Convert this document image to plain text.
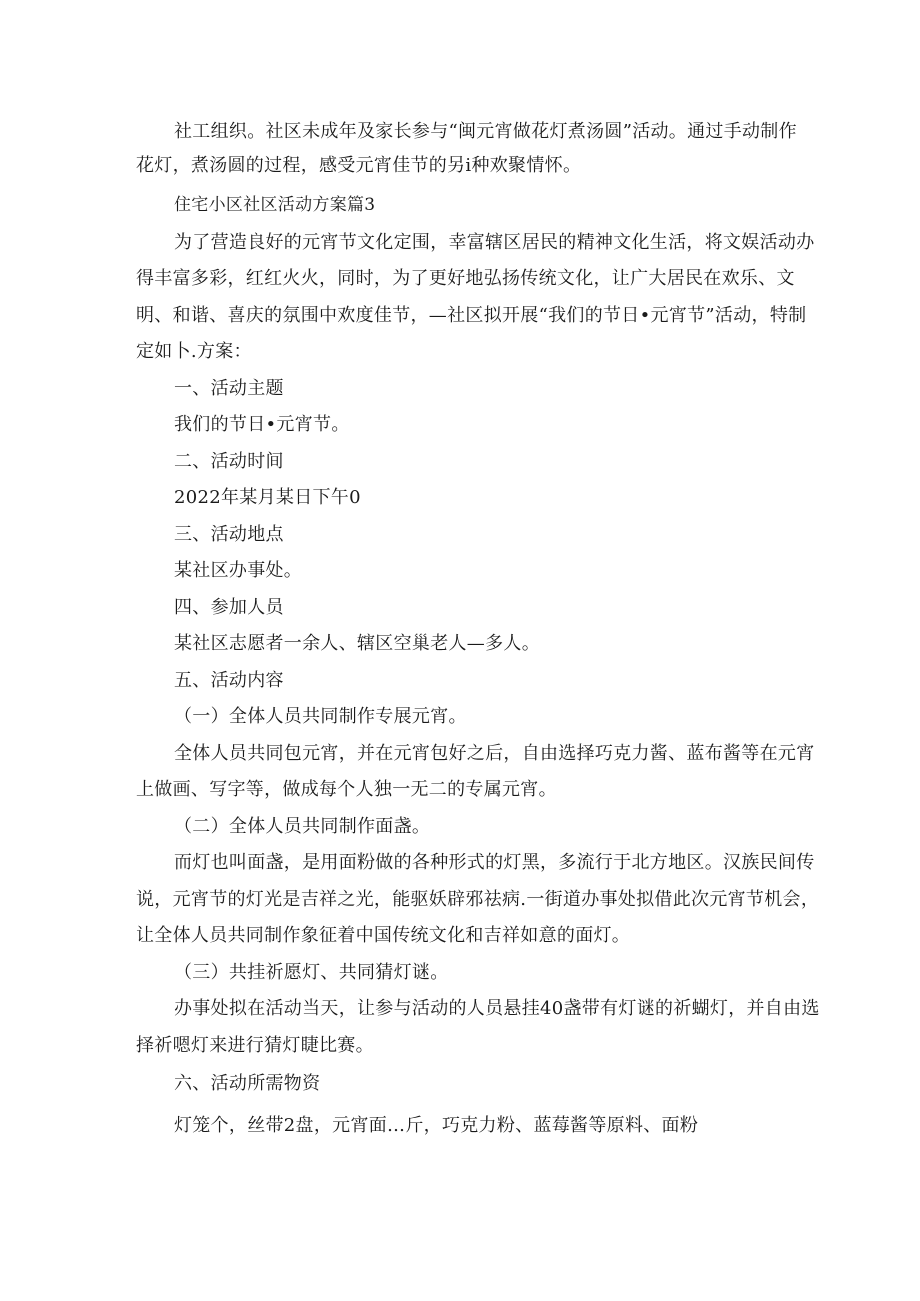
社工组织。社区未成年及家长参与“闽元宵做花灯煮汤圆”活动。通过手动制作
花灯，煮汤圆的过程，感受元宵佳节的另i种欢聚情怀。
住宅小区社区活动方案篇3
为了营造良好的元宵节文化定围，幸富辖区居民的精神文化生活，将文娱活动办
得丰富多彩，红红火火，同时，为了更好地弘扬传统文化，让广大居民在欢乐、文
明、和谐、喜庆的氛围中欢度佳节，—社区拟开展“我们的节日•元宵节”活动，特制
定如卜.方案：
一、活动主题
我们的节日•元宵节。
二、活动时间
2022年某月某日下午0
三、活动地点
某社区办事处。
四、参加人员
某社区志愿者一余人、辖区空巢老人—多人。
五、活动内容
（一）全体人员共同制作专展元宵。
全体人员共同包元宵，并在元宵包好之后，自由选择巧克力酱、蓝布酱等在元宵
上做画、写字等，做成每个人独一无二的专属元宵。
（二）全体人员共同制作面盏。
而灯也叫面盏，是用面粉做的各种形式的灯黑，多流行于北方地区。汉族民间传
说，元宵节的灯光是吉祥之光，能驱妖辟邪祛病.一街道办事处拟借此次元宵节机会，
让全体人员共同制作象征着中国传统文化和吉祥如意的面灯。
（三）共挂祈愿灯、共同猜灯谜。
办事处拟在活动当天，让参与活动的人员悬挂40盏带有灯谜的祈蝴灯，并自由选
择祈嗯灯来进行猜灯睫比赛。
六、活动所需物资
灯笼个，丝带2盘，元宵面…斤，巧克力粉、蓝莓酱等原料、面粉
